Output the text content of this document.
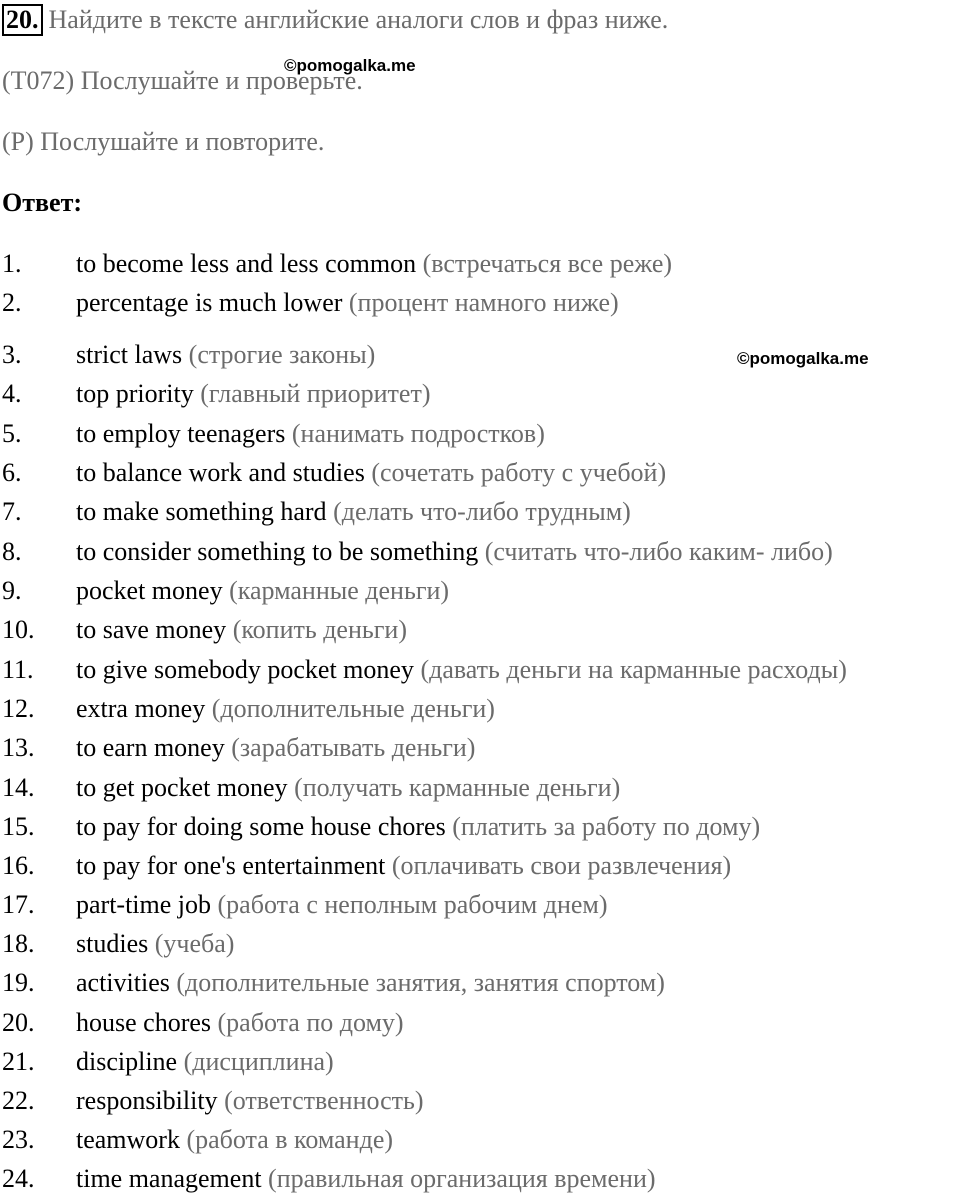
20. Найдите в тексте английские аналоги слов и фраз ниже.
(T072) Послушайте и проверьте.
©pomogalka.me
(P) Послушайте и повторите.
Ответ:
©pomogalka.me
1. to become less and less common (встречаться все реже)
2. percentage is much lower (процент намного ниже)
3. strict laws (строгие законы)
4. top priority (главный приоритет)
5. to employ teenagers (нанимать подростков)
6. to balance work and studies (сочетать работу с учебой)
7. to make something hard (делать что-либо трудным)
8. to consider something to be something (считать что-либо каким- либо)
9. pocket money (карманные деньги)
10. to save money (копить деньги)
11. to give somebody pocket money (давать деньги на карманные расходы)
12. extra money (дополнительные деньги)
13. to earn money (зарабатывать деньги)
14. to get pocket money (получать карманные деньги)
15. to pay for doing some house chores (платить за работу по дому)
16. to pay for one's entertainment (оплачивать свои развлечения)
17. part-time job (работа с неполным рабочим днем)
18. studies (учеба)
19. activities (дополнительные занятия, занятия спортом)
20. house chores (работа по дому)
21. discipline (дисциплина)
22. responsibility (ответственность)
23. teamwork (работа в команде)
24. time management (правильная организация времени)
